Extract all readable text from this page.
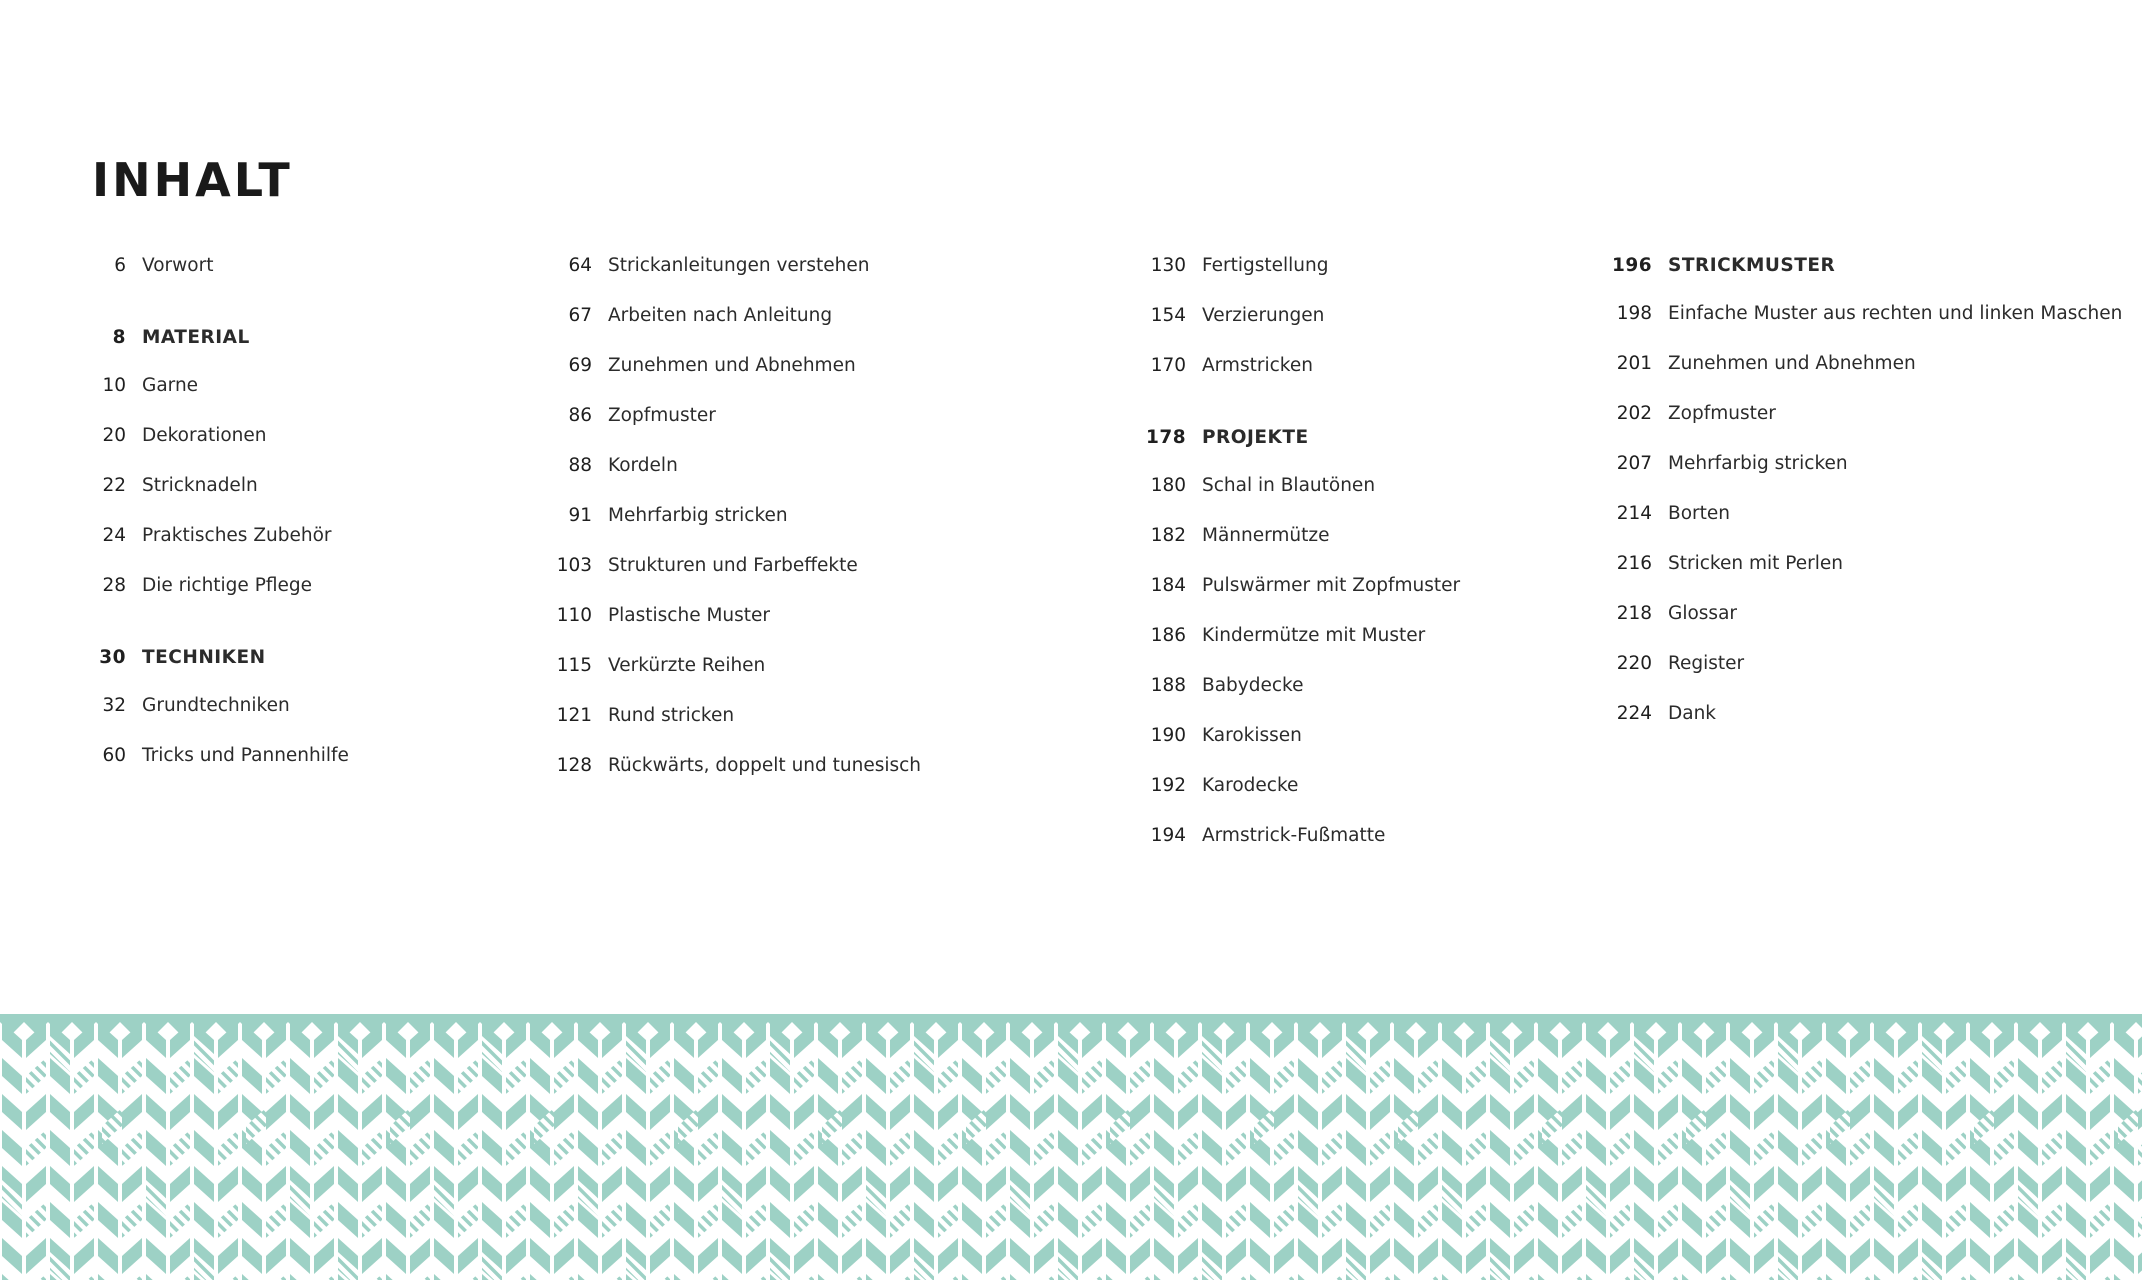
INHALT
6 Vorwort
8 MATERIAL
10 Garne
20 Dekorationen
22 Stricknadeln
24 Praktisches Zubehör
28 Die richtige Pflege
30 TECHNIKEN
32 Grundtechniken
60 Tricks und Pannenhilfe
64 Strickanleitungen verstehen
67 Arbeiten nach Anleitung
69 Zunehmen und Abnehmen
86 Zopfmuster
88 Kordeln
91 Mehrfarbig stricken
103 Strukturen und Farbeffekte
110 Plastische Muster
115 Verkürzte Reihen
121 Rund stricken
128 Rückwärts, doppelt und tunesisch
130 Fertigstellung
154 Verzierungen
170 Armstricken
178 PROJEKTE
180 Schal in Blautönen
182 Männermütze
184 Pulswärmer mit Zopfmuster
186 Kindermütze mit Muster
188 Babydecke
190 Karokissen
192 Karodecke
194 Armstrick-Fußmatte
196 STRICKMUSTER
198 Einfache Muster aus rechten und linken Maschen
201 Zunehmen und Abnehmen
202 Zopfmuster
207 Mehrfarbig stricken
214 Borten
216 Stricken mit Perlen
218 Glossar
220 Register
224 Dank
